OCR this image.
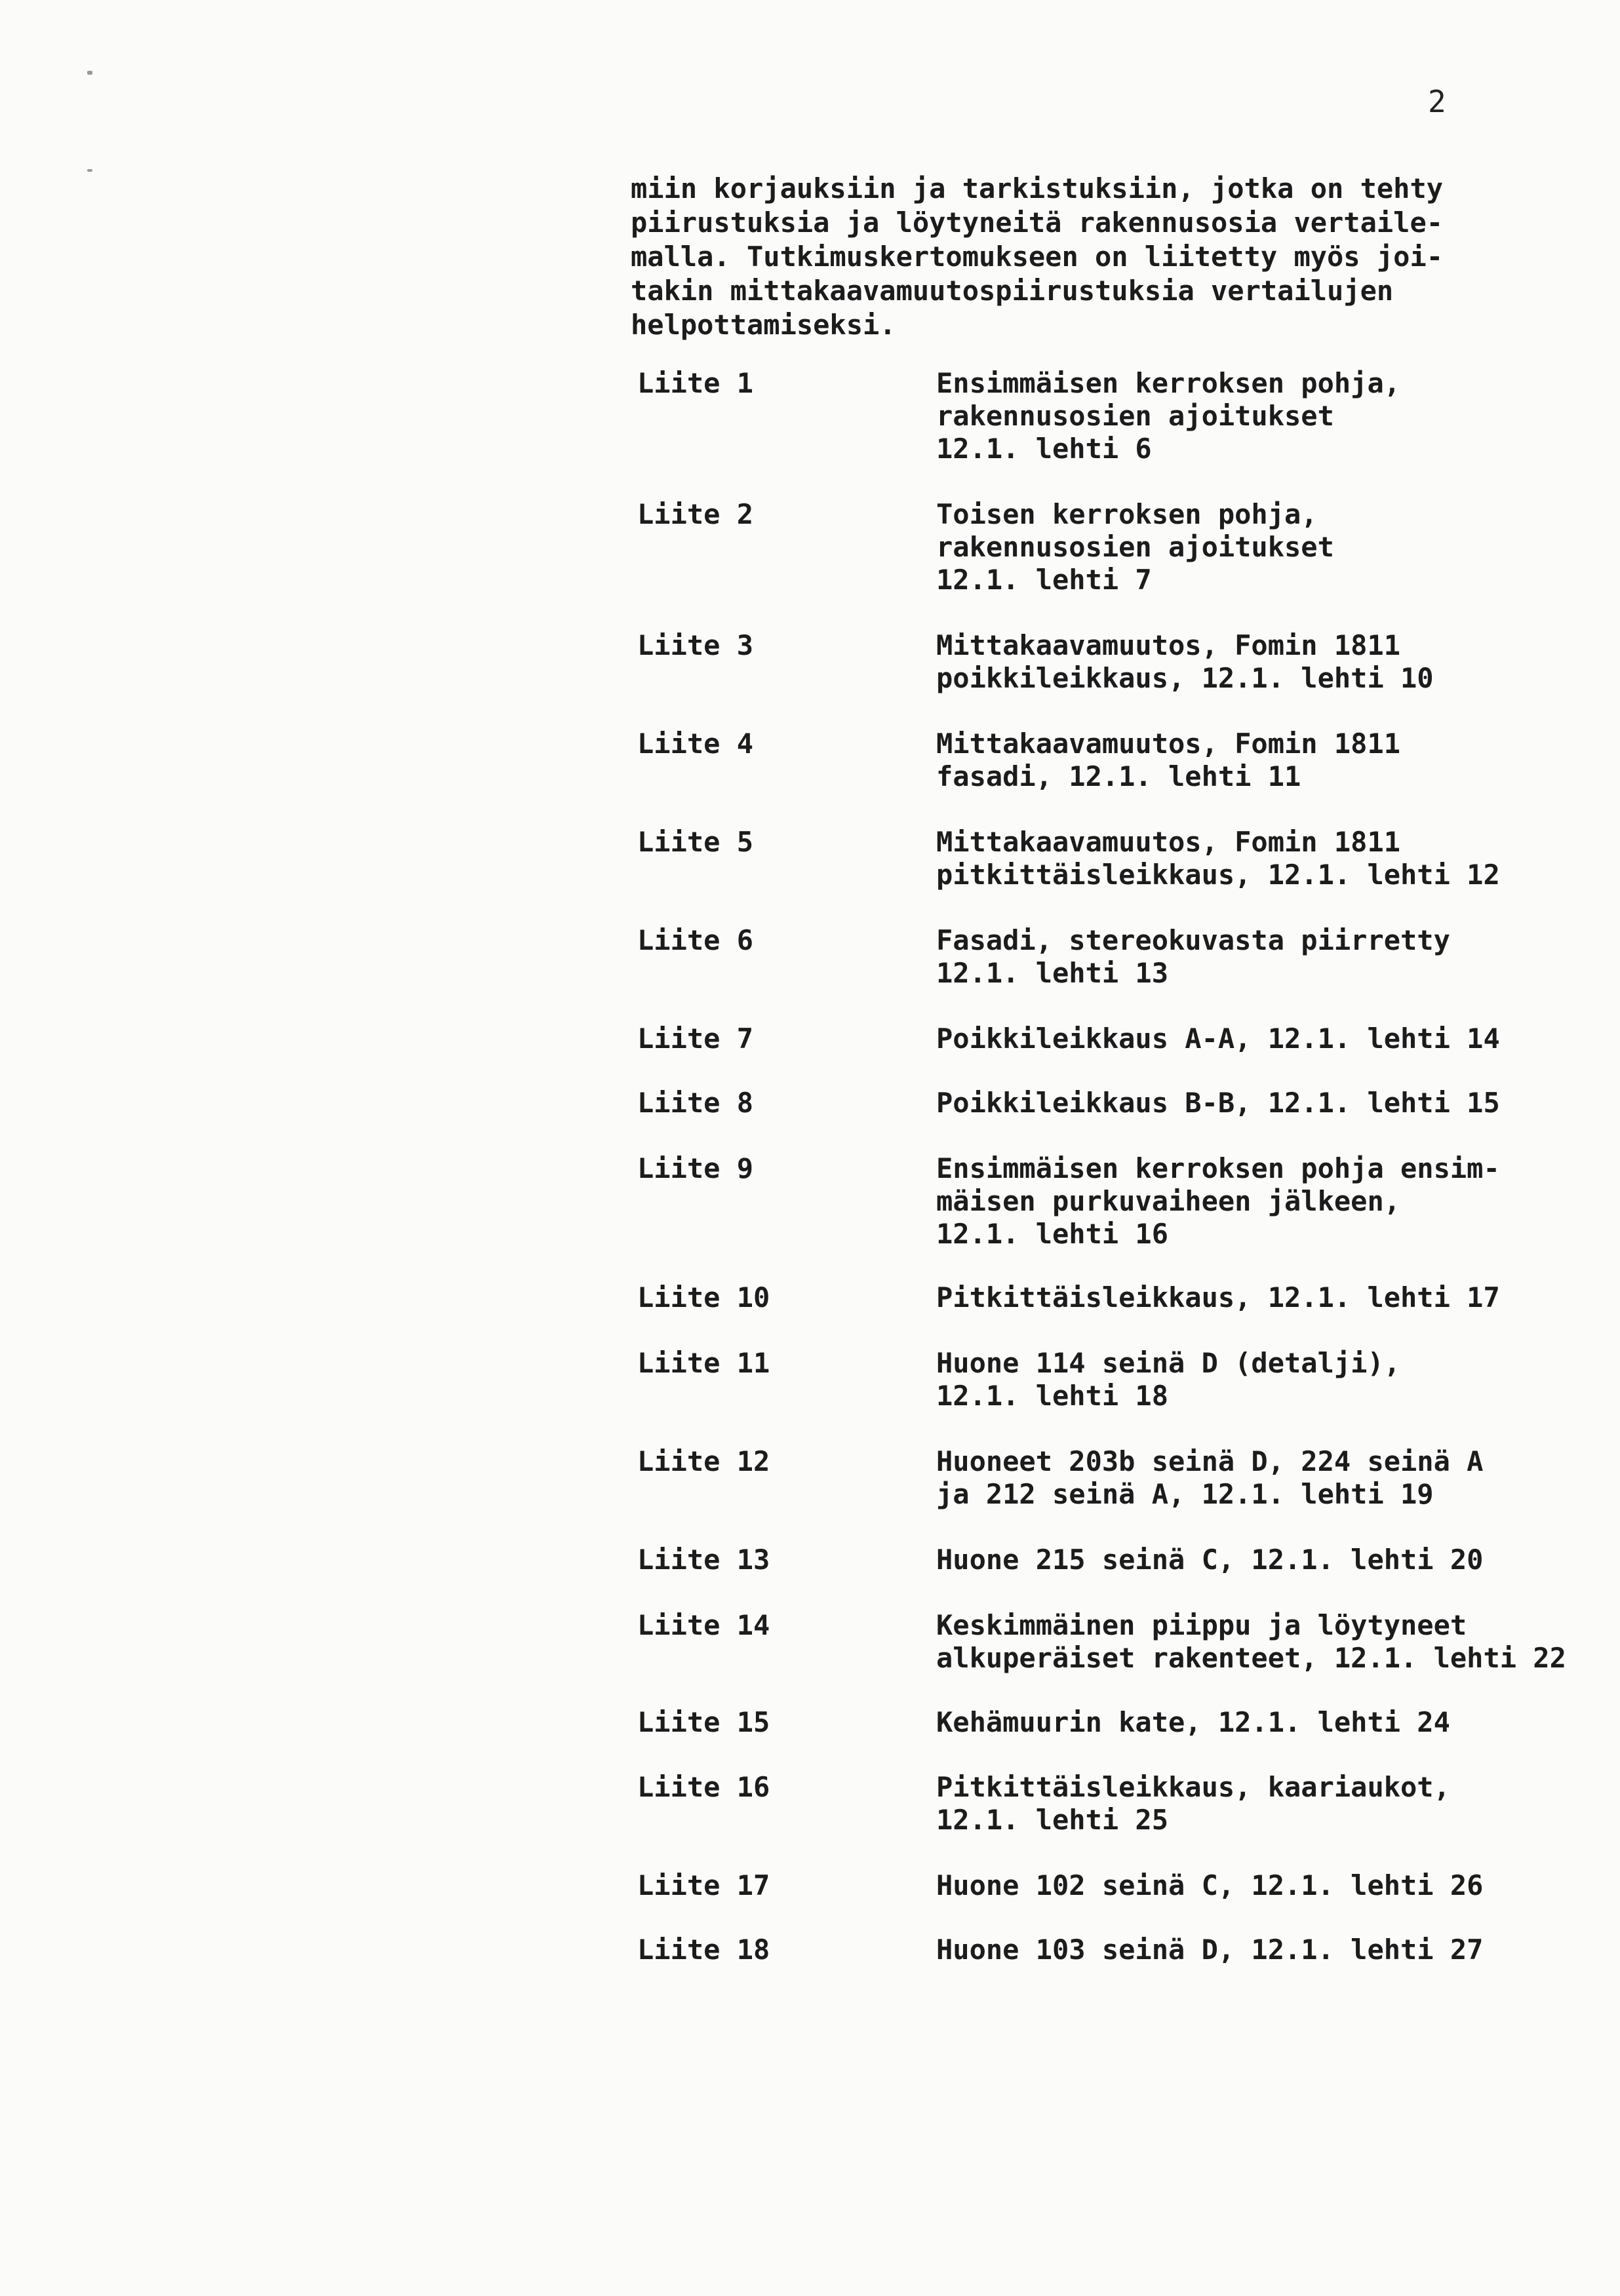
2
miin korjauksiin ja tarkistuksiin, jotka on tehty
piirustuksia ja löytyneitä rakennusosia vertaile-
malla. Tutkimuskertomukseen on liitetty myös joi-
takin mittakaavamuutospiirustuksia vertailujen
helpottamiseksi.
Liite 1	Ensimmäisen kerroksen pohja,
rakennusosien ajoitukset
12.1. lehti 6
Liite 2	Toisen kerroksen pohja,
rakennusosien ajoitukset
12.1. lehti 7
Liite 3	Mittakaavamuutos, Fomin 1811
poikkileikkaus, 12.1. lehti 10
Liite 4	Mittakaavamuutos, Fomin 1811
fasadi, 12.1. lehti 11
Liite 5	Mittakaavamuutos, Fomin 1811
pitkittäisleikkaus, 12.1. lehti 12
Liite 6	Fasadi, stereokuvasta piirretty
12.1. lehti 13
Liite 7	Poikkileikkaus A-A, 12.1. lehti 14
Liite 8	Poikkileikkaus B-B, 12.1. lehti 15
Liite 9	Ensimmäisen kerroksen pohja ensim-
mäisen purkuvaiheen jälkeen,
12.1. lehti 16
Liite 10	Pitkittäisleikkaus, 12.1. lehti 17
Liite 11	Huone 114 seinä D (detalji),
12.1. lehti 18
Liite 12	Huoneet 203b seinä D, 224 seinä A
ja 212 seinä A, 12.1. lehti 19
Liite 13	Huone 215 seinä C, 12.1. lehti 20
Liite 14	Keskimmäinen piippu ja löytyneet
alkuperäiset rakenteet, 12.1. lehti 22
Liite 15	Kehämuurin kate, 12.1. lehti 24
Liite 16	Pitkittäisleikkaus, kaariaukot,
12.1. lehti 25
Liite 17	Huone 102 seinä C, 12.1. lehti 26
Liite 18	Huone 103 seinä D, 12.1. lehti 27
